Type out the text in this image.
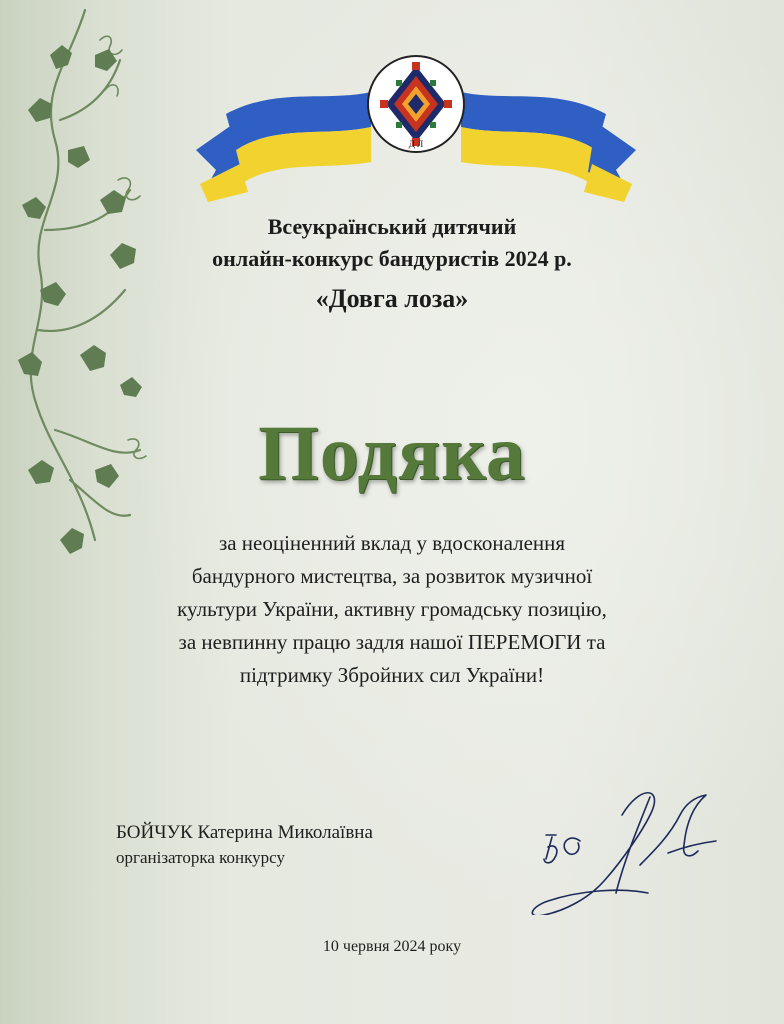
Д Л
Всеукраїнський дитячий
онлайн-конкурс бандуристів 2024 р.
«Довга лоза»
Подяка
за неоціненний вклад у вдосконалення
бандурного мистецтва, за розвиток музичної
культури України, активну громадську позицію,
за невпинну працю задля нашої ПЕРЕМОГИ та
підтримку Збройних сил України!
БОЙЧУК Катерина Миколаївна
організаторка конкурсу
10 червня 2024 року
